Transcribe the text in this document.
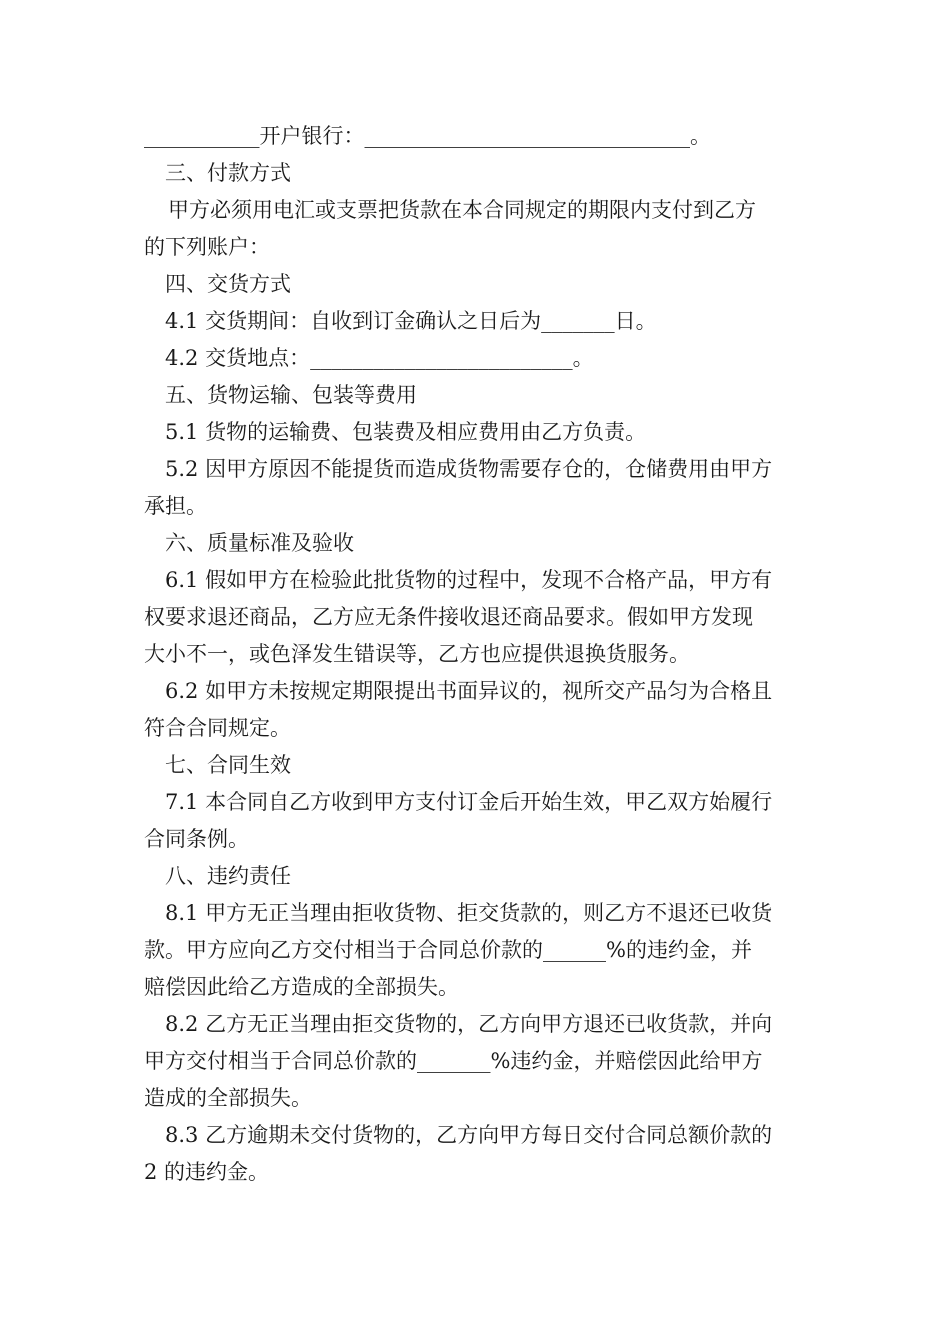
___________开户银行：_______________________________。
三、付款方式
甲方必须用电汇或支票把货款在本合同规定的期限内支付到乙方
的下列账户：
四、交货方式
4.1 交货期间：自收到订金确认之日后为_______日。
4.2 交货地点：_________________________。
五、货物运输、包装等费用
5.1 货物的运输费、包装费及相应费用由乙方负责。
5.2 因甲方原因不能提货而造成货物需要存仓的，仓储费用由甲方
承担。
六、质量标准及验收
6.1 假如甲方在检验此批货物的过程中，发现不合格产品，甲方有
权要求退还商品，乙方应无条件接收退还商品要求。假如甲方发现
大小不一，或色泽发生错误等，乙方也应提供退换货服务。
6.2 如甲方未按规定期限提出书面异议的，视所交产品匀为合格且
符合合同规定。
七、合同生效
7.1 本合同自乙方收到甲方支付订金后开始生效，甲乙双方始履行
合同条例。
八、违约责任
8.1 甲方无正当理由拒收货物、拒交货款的，则乙方不退还已收货
款。甲方应向乙方交付相当于合同总价款的______%的违约金，并
赔偿因此给乙方造成的全部损失。
8.2 乙方无正当理由拒交货物的，乙方向甲方退还已收货款，并向
甲方交付相当于合同总价款的_______%违约金，并赔偿因此给甲方
造成的全部损失。
8.3 乙方逾期未交付货物的，乙方向甲方每日交付合同总额价款的
2 的违约金。
